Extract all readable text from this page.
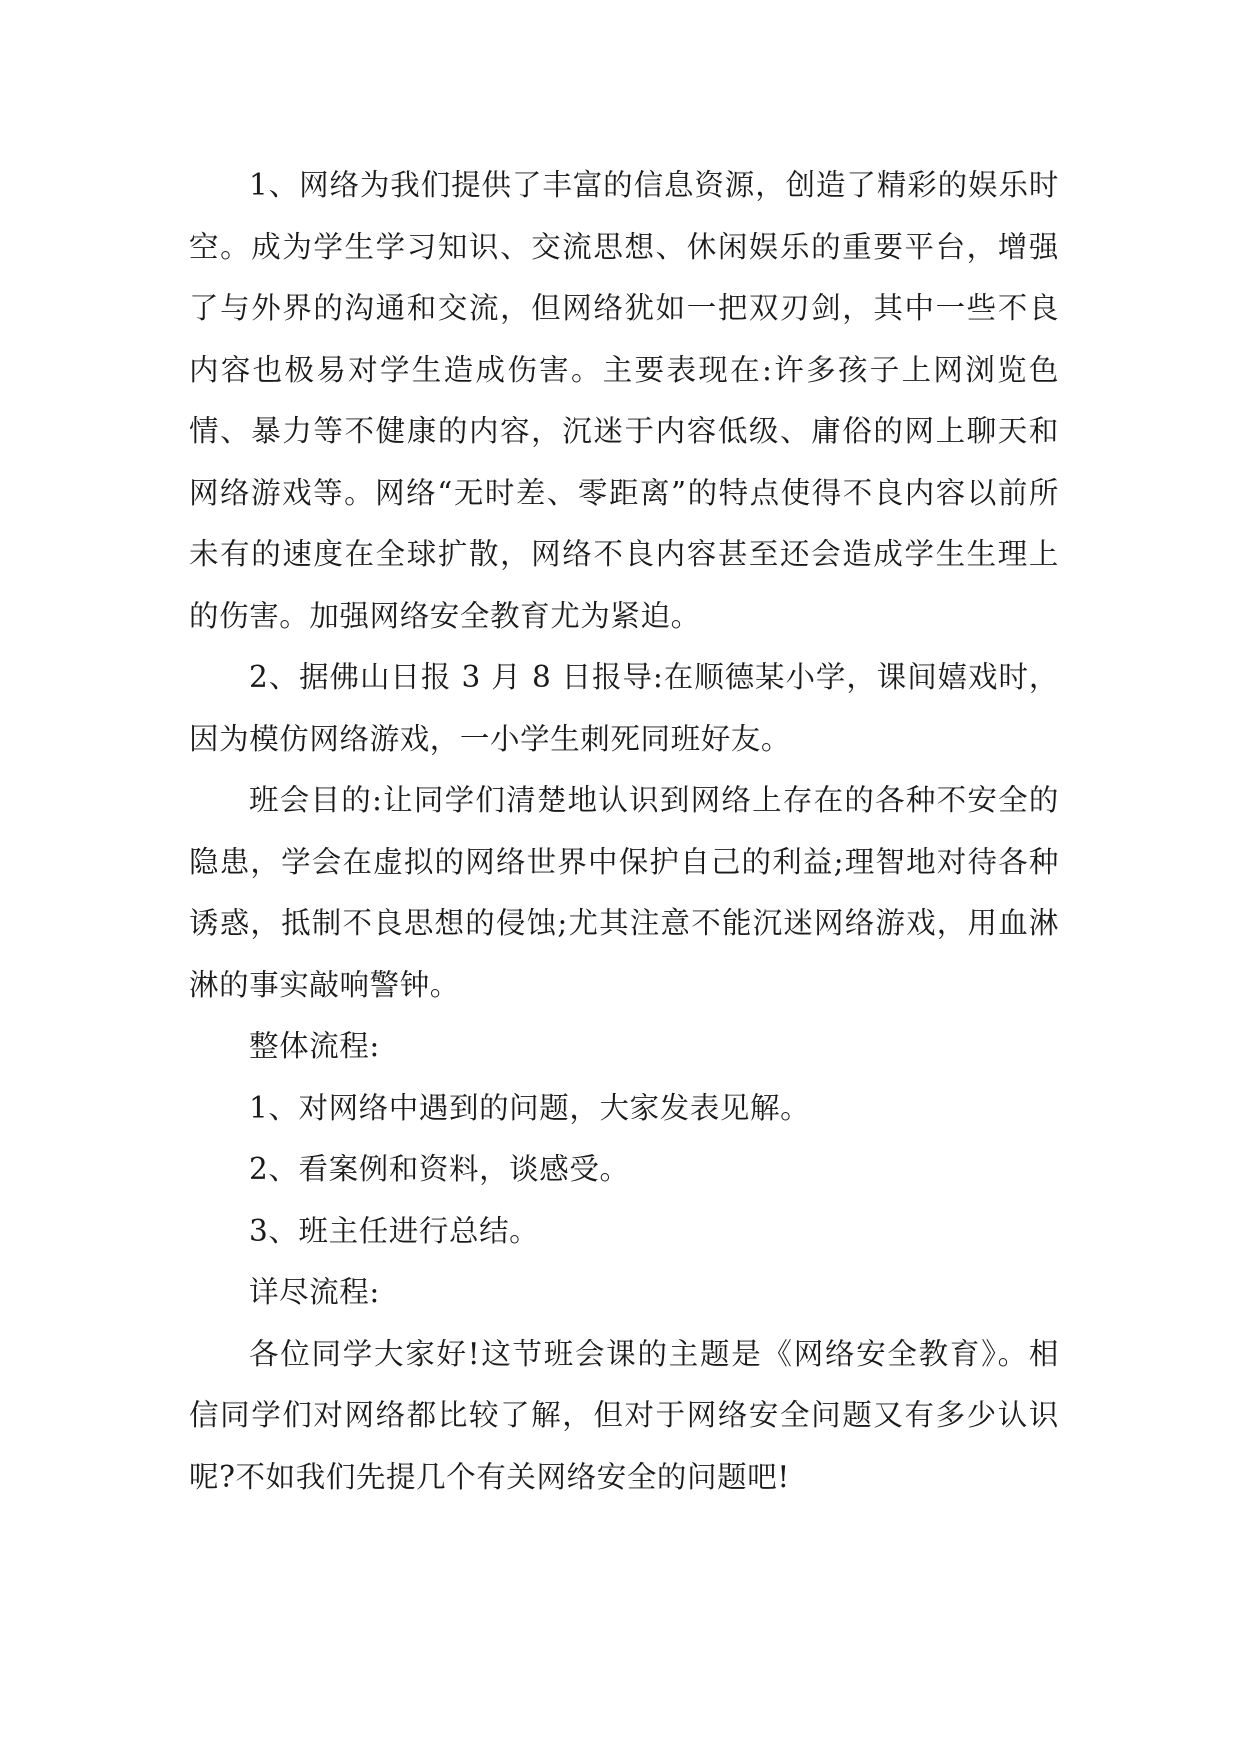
1、网络为我们提供了丰富的信息资源，创造了精彩的娱乐时空。成为学生学习知识、交流思想、休闲娱乐的重要平台，增强了与外界的沟通和交流，但网络犹如一把双刃剑，其中一些不良内容也极易对学生造成伤害。主要表现在:许多孩子上网浏览色情、暴力等不健康的内容，沉迷于内容低级、庸俗的网上聊天和网络游戏等。网络“无时差、零距离”的特点使得不良内容以前所未有的速度在全球扩散，网络不良内容甚至还会造成学生生理上的伤害。加强网络安全教育尤为紧迫。

2、据佛山日报 3 月 8 日报导:在顺德某小学，课间嬉戏时，因为模仿网络游戏，一小学生刺死同班好友。

班会目的:让同学们清楚地认识到网络上存在的各种不安全的隐患，学会在虚拟的网络世界中保护自己的利益;理智地对待各种诱惑，抵制不良思想的侵蚀;尤其注意不能沉迷网络游戏，用血淋淋的事实敲响警钟。

整体流程:

1、对网络中遇到的问题，大家发表见解。

2、看案例和资料，谈感受。

3、班主任进行总结。

详尽流程:

各位同学大家好!这节班会课的主题是《网络安全教育》。相信同学们对网络都比较了解，但对于网络安全问题又有多少认识呢?不如我们先提几个有关网络安全的问题吧!
